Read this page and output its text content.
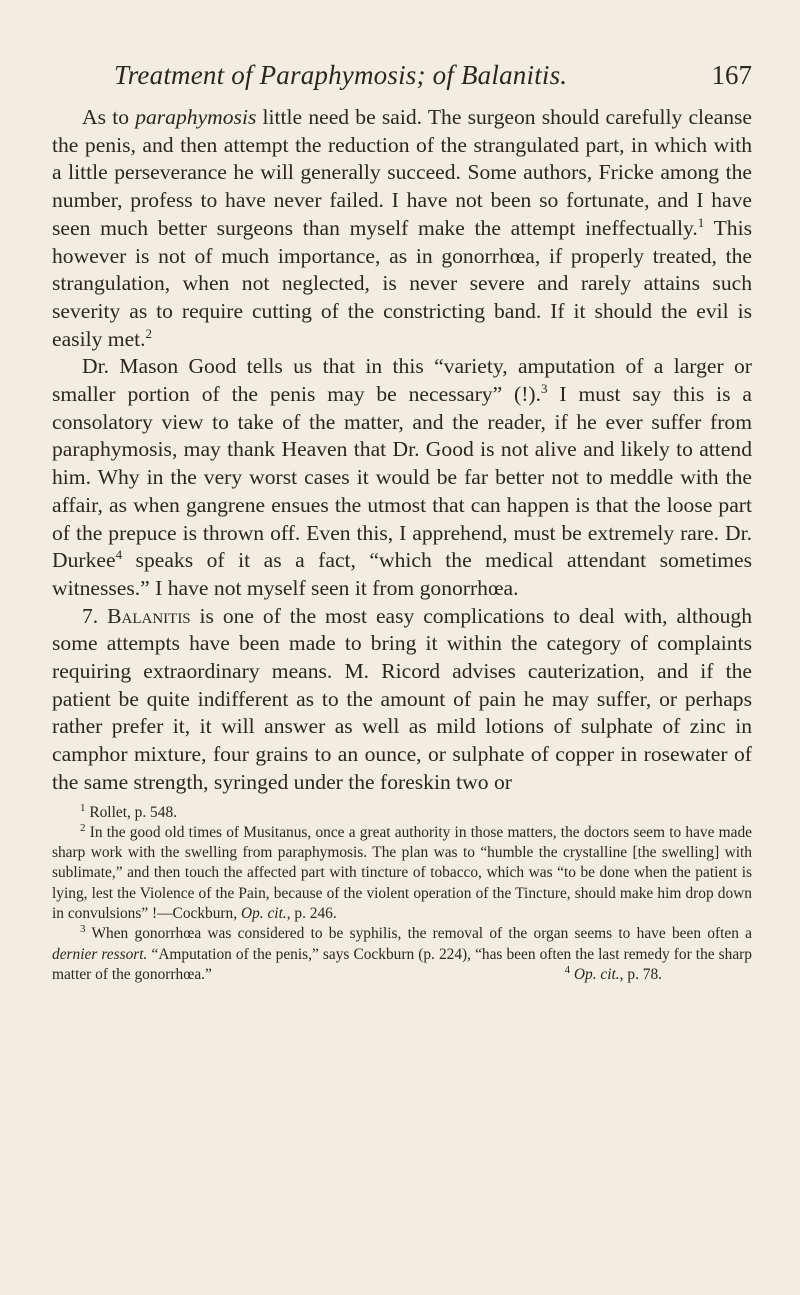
Treatment of Paraphymosis; of Balanitis.	167

As to paraphymosis little need be said. The surgeon should carefully cleanse the penis, and then attempt the reduction of the strangulated part, in which with a little perseverance he will generally succeed. Some authors, Fricke among the number, profess to have never failed. I have not been so fortunate, and I have seen much better surgeons than myself make the attempt ineffectually.$^1$ This however is not of much importance, as in gonorrhœa, if properly treated, the strangulation, when not neglected, is never severe and rarely attains such severity as to require cutting of the constricting band. If it should the evil is easily met.$^2$

Dr. Mason Good tells us that in this “variety, amputation of a larger or smaller portion of the penis may be necessary” (!).$^3$ I must say this is a consolatory view to take of the matter, and the reader, if he ever suffer from paraphymosis, may thank Heaven that Dr. Good is not alive and likely to attend him. Why in the very worst cases it would be far better not to meddle with the affair, as when gangrene ensues the utmost that can happen is that the loose part of the prepuce is thrown off. Even this, I apprehend, must be extremely rare. Dr. Durkee$^4$ speaks of it as a fact, “which the medical attendant sometimes witnesses.” I have not myself seen it from gonorrhœa.

7. Balanitis is one of the most easy complications to deal with, although some attempts have been made to bring it within the category of complaints requiring extraordinary means. M. Ricord advises cauterization, and if the patient be quite indifferent as to the amount of pain he may suffer, or perhaps rather prefer it, it will answer as well as mild lotions of sulphate of zinc in camphor mixture, four grains to an ounce, or sulphate of copper in rosewater of the same strength, syringed under the foreskin two or

$^1$ Rollet, p. 548.

$^2$ In the good old times of Musitanus, once a great authority in those matters, the doctors seem to have made sharp work with the swelling from paraphymosis. The plan was to “humble the crystalline [the swelling] with sublimate,” and then touch the affected part with tincture of tobacco, which was “to be done when the patient is lying, lest the Violence of the Pain, because of the violent operation of the Tincture, should make him drop down in convulsions” !—Cockburn, Op. cit., p. 246.

$^3$ When gonorrhœa was considered to be syphilis, the removal of the organ seems to have been often a dernier ressort. “Amputation of the penis,” says Cockburn (p. 224), “has been often the last remedy for the sharp matter of the gonorrhœa.”	$^4$ Op. cit., p. 78.
